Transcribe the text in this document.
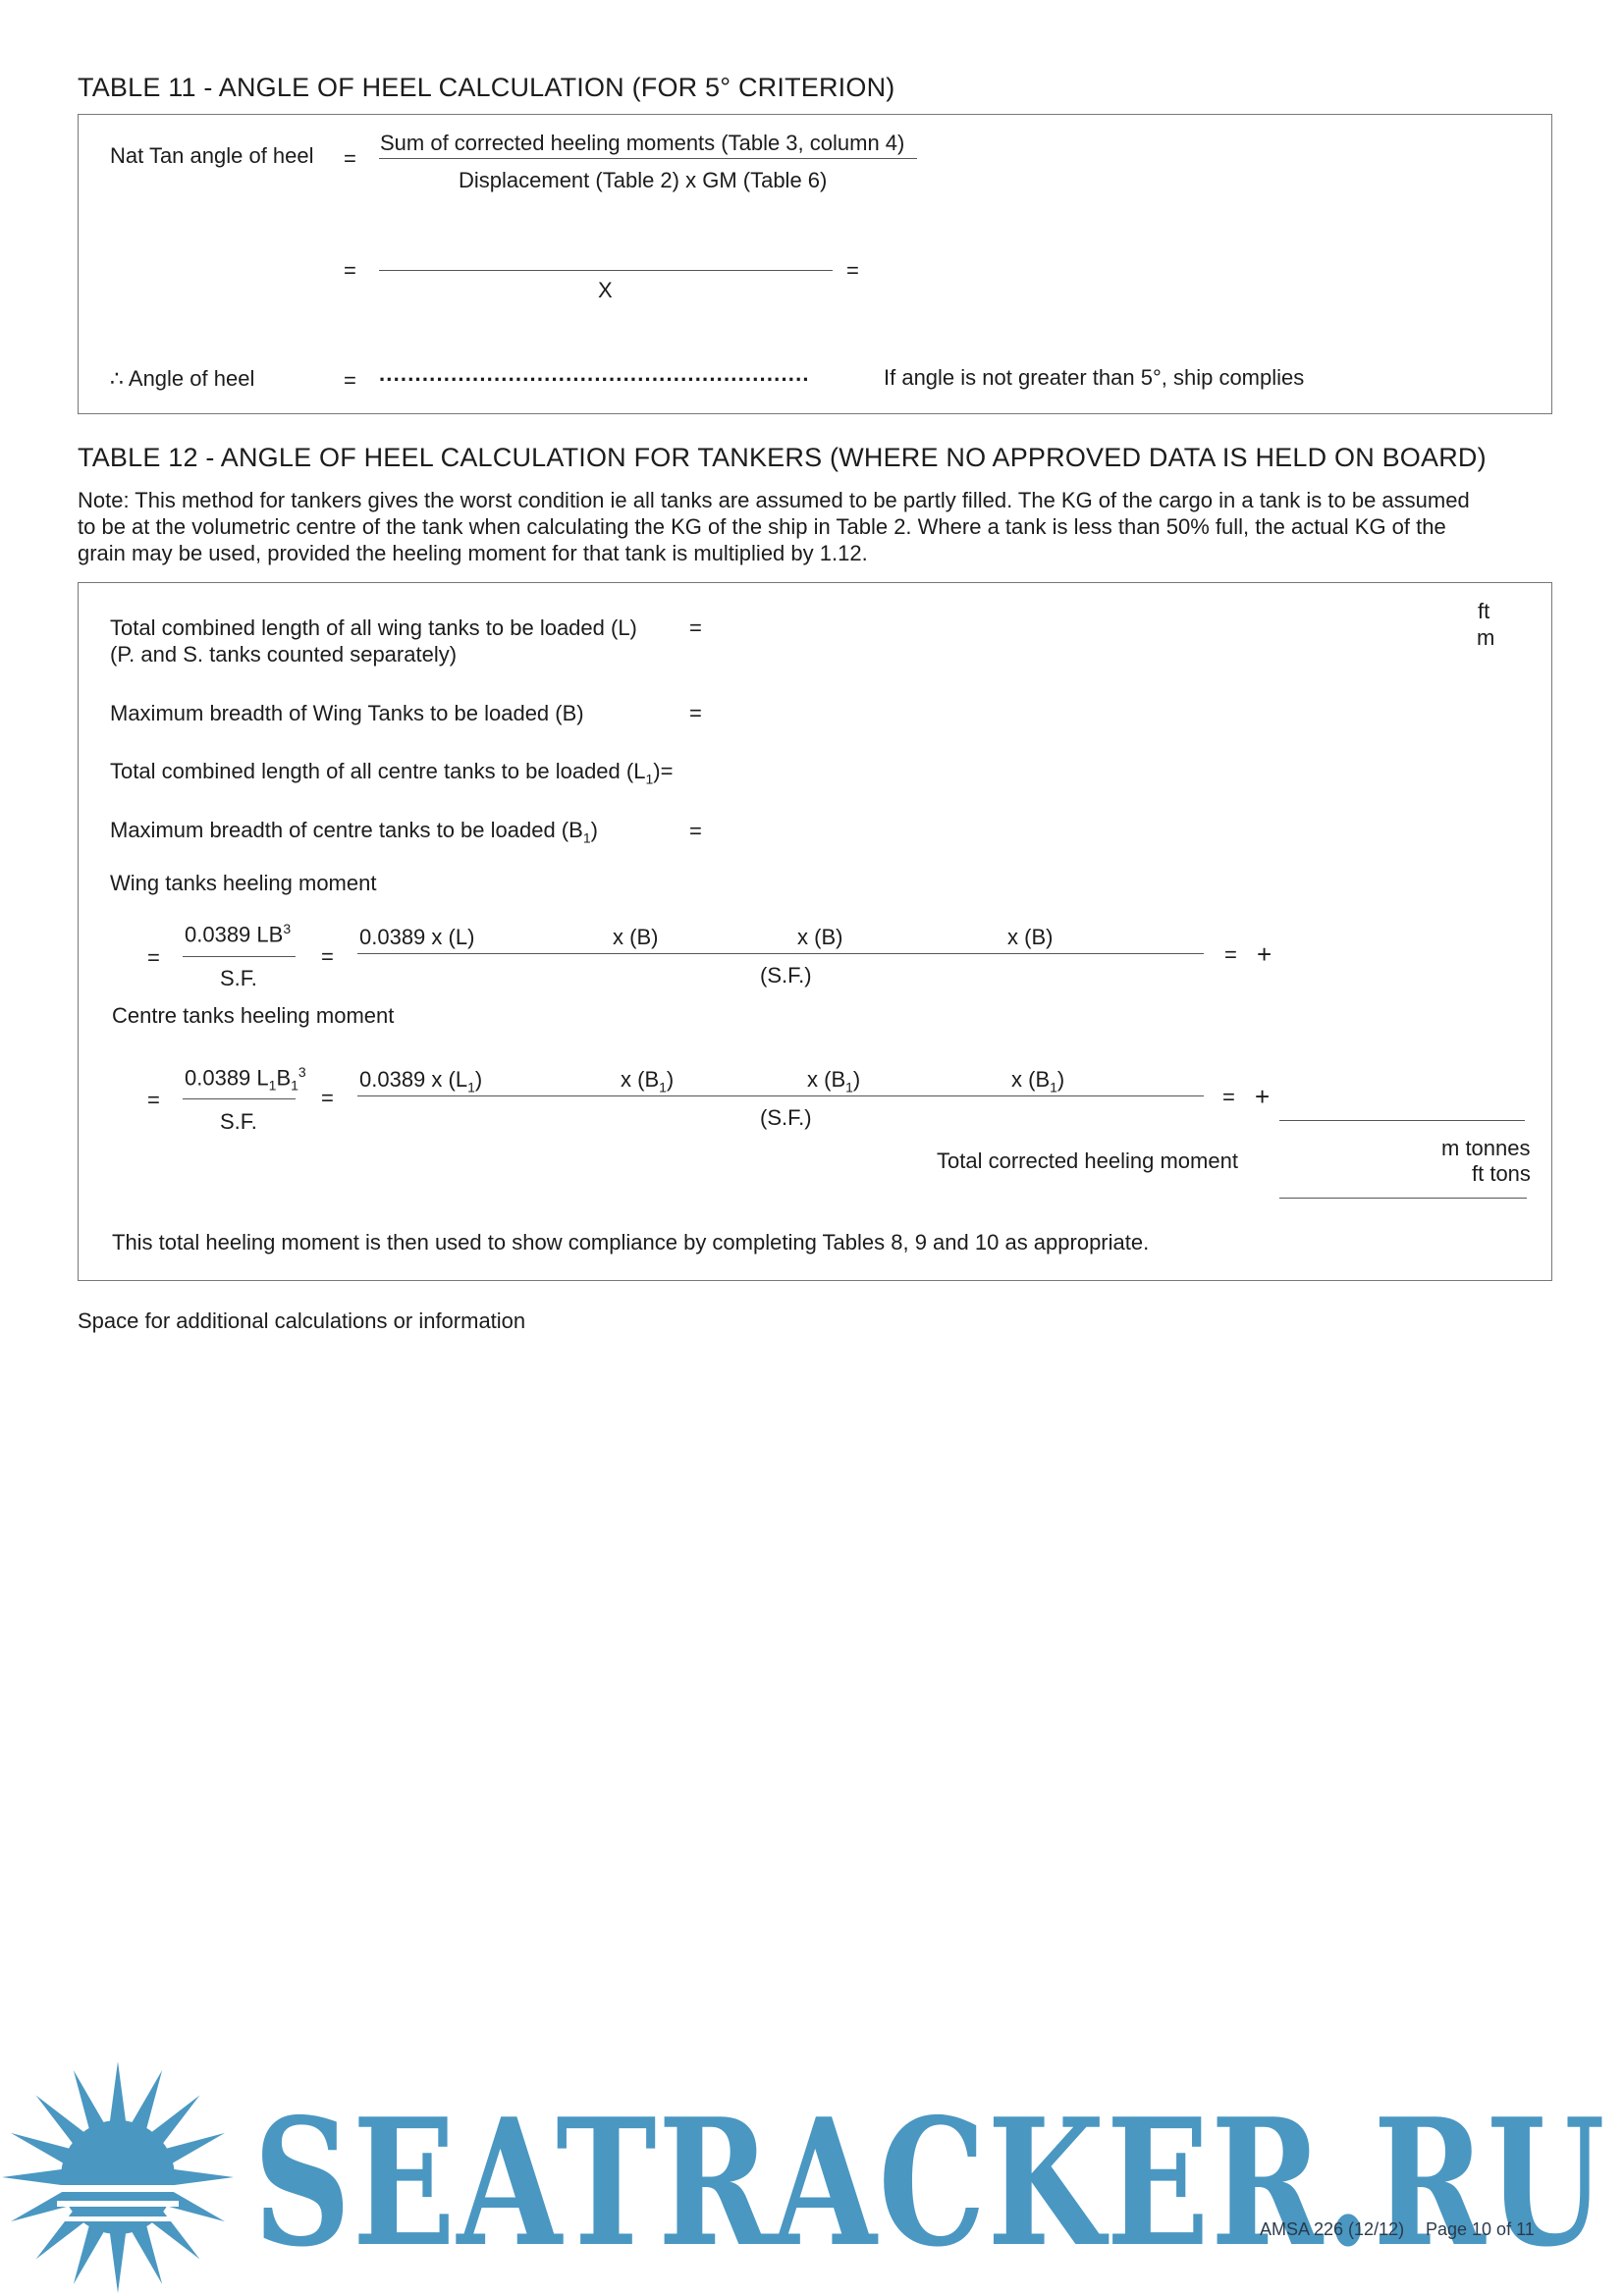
TABLE 11 - ANGLE OF HEEL CALCULATION (FOR 5° CRITERION)
Nat Tan angle of heel =
Sum of corrected heeling moments (Table 3, column 4)
Displacement (Table 2) x GM (Table 6)
=
X
=
∴ Angle of heel	= ............................................................	If angle is not greater than 5°, ship complies
TABLE 12 - ANGLE OF HEEL CALCULATION FOR TANKERS (WHERE NO APPROVED DATA IS HELD ON BOARD)
Note: This method for tankers gives the worst condition ie all tanks are assumed to be partly filled. The KG of the cargo in a tank is to be assumed
to be at the volumetric centre of the tank when calculating the KG of the ship in Table 2. Where a tank is less than 50% full, the actual KG of the
grain may be used, provided the heeling moment for that tank is multiplied by 1.12.
ft
m
Total combined length of all wing tanks to be loaded (L)
(P. and S. tanks counted separately)
=
Maximum breadth of Wing Tanks to be loaded (B)	=
Total combined length of all centre tanks to be loaded $(L_1)=$
Maximum breadth of centre tanks to be loaded $(B_1)$	=
Wing tanks heeling moment
=
0.0389 $LB^3$
S.F.
=
0.0389 x (L)	x (B)	x (B)	x (B)
(S.F.)
= +
Centre tanks heeling moment
=
0.0389 $L_1B_1^3$
S.F.
=
0.0389 x $(L_1)$	x $(B_1)$	x $(B_1)$	x $(B_1)$
(S.F.)
= +
Total corrected heeling moment
m tonnes
ft tons
This total heeling moment is then used to show compliance by completing Tables 8, 9 and 10 as appropriate.
Space for additional calculations or information
SEATRACKER.RU
AMSA 226 (12/12) Page 10 of 11
